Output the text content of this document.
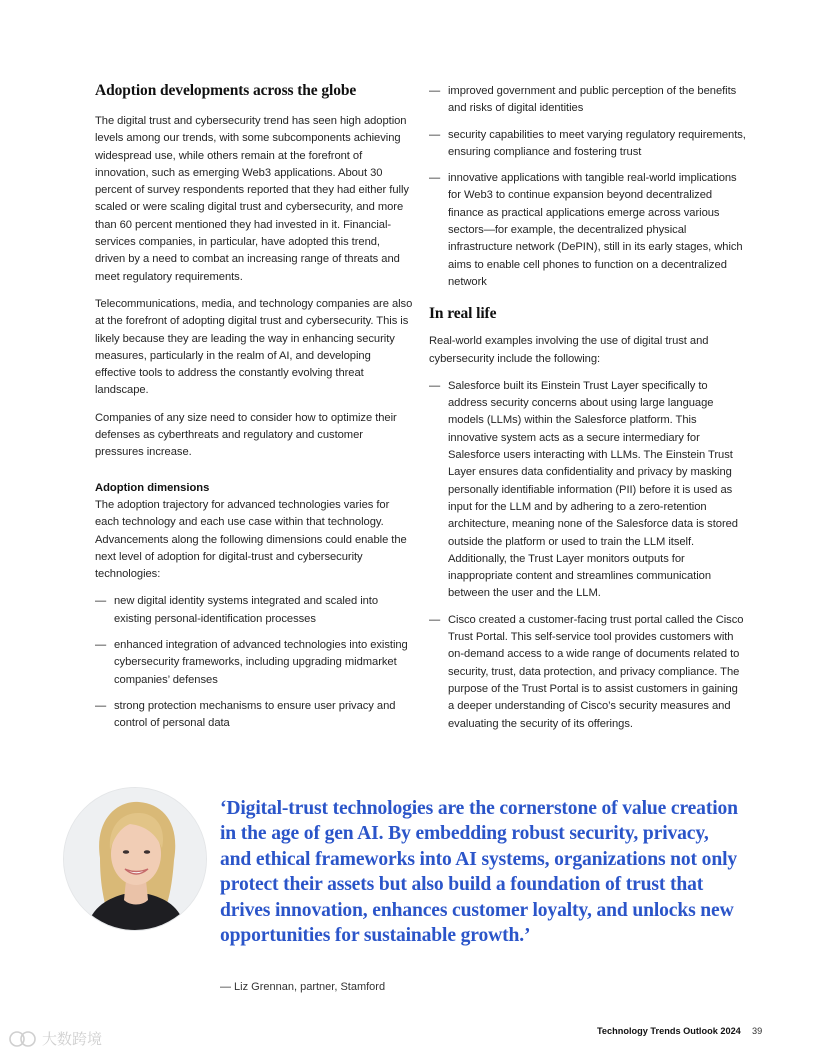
Adoption developments across the globe

The digital trust and cybersecurity trend has seen high adoption levels among our trends, with some subcomponents achieving widespread use, while others remain at the forefront of innovation, such as emerging Web3 applications. About 30 percent of survey respondents reported that they had either fully scaled or were scaling digital trust and cybersecurity, and more than 60 percent mentioned they had invested in it. Financial-services companies, in particular, have adopted this trend, driven by a need to combat an increasing range of threats and meet regulatory requirements.

Telecommunications, media, and technology companies are also at the forefront of adopting digital trust and cybersecurity. This is likely because they are leading the way in enhancing security measures, particularly in the realm of AI, and developing effective tools to address the constantly evolving threat landscape.

Companies of any size need to consider how to optimize their defenses as cyberthreats and regulatory and customer pressures increase.

Adoption dimensions

The adoption trajectory for advanced technologies varies for each technology and each use case within that technology. Advancements along the following dimensions could enable the next level of adoption for digital-trust and cybersecurity technologies:

— new digital identity systems integrated and scaled into existing personal-identification processes
— enhanced integration of advanced technologies into existing cybersecurity frameworks, including upgrading midmarket companies’ defenses
— strong protection mechanisms to ensure user privacy and control of personal data
— improved government and public perception of the benefits and risks of digital identities
— security capabilities to meet varying regulatory requirements, ensuring compliance and fostering trust
— innovative applications with tangible real-world implications for Web3 to continue expansion beyond decentralized finance as practical applications emerge across various sectors—for example, the decentralized physical infrastructure network (DePIN), still in its early stages, which aims to enable cell phones to function on a decentralized network
In real life

Real-world examples involving the use of digital trust and cybersecurity include the following:

— Salesforce built its Einstein Trust Layer specifically to address security concerns about using large language models (LLMs) within the Salesforce platform. This innovative system acts as a secure intermediary for Salesforce users interacting with LLMs. The Einstein Trust Layer ensures data confidentiality and privacy by masking personally identifiable information (PII) before it is used as input for the LLM and by adhering to a zero-retention architecture, meaning none of the Salesforce data is stored outside the platform or used to train the LLM itself. Additionally, the Trust Layer monitors outputs for inappropriate content and streamlines communication between the user and the LLM.
— Cisco created a customer-facing trust portal called the Cisco Trust Portal. This self-service tool provides customers with on-demand access to a wide range of documents related to security, trust, data protection, and privacy compliance. The purpose of the Trust Portal is to assist customers in gaining a deeper understanding of Cisco’s security measures and evaluating the security of its offerings.
‘Digital-trust technologies are the cornerstone of value creation in the age of gen AI. By embedding robust security, privacy, and ethical frameworks into AI systems, organizations not only protect their assets but also build a foundation of trust that drives innovation, enhances customer loyalty, and unlocks new opportunities for sustainable growth.’
— Liz Grennan, partner, Stamford
大数跨境	Technology Trends Outlook 2024 39
